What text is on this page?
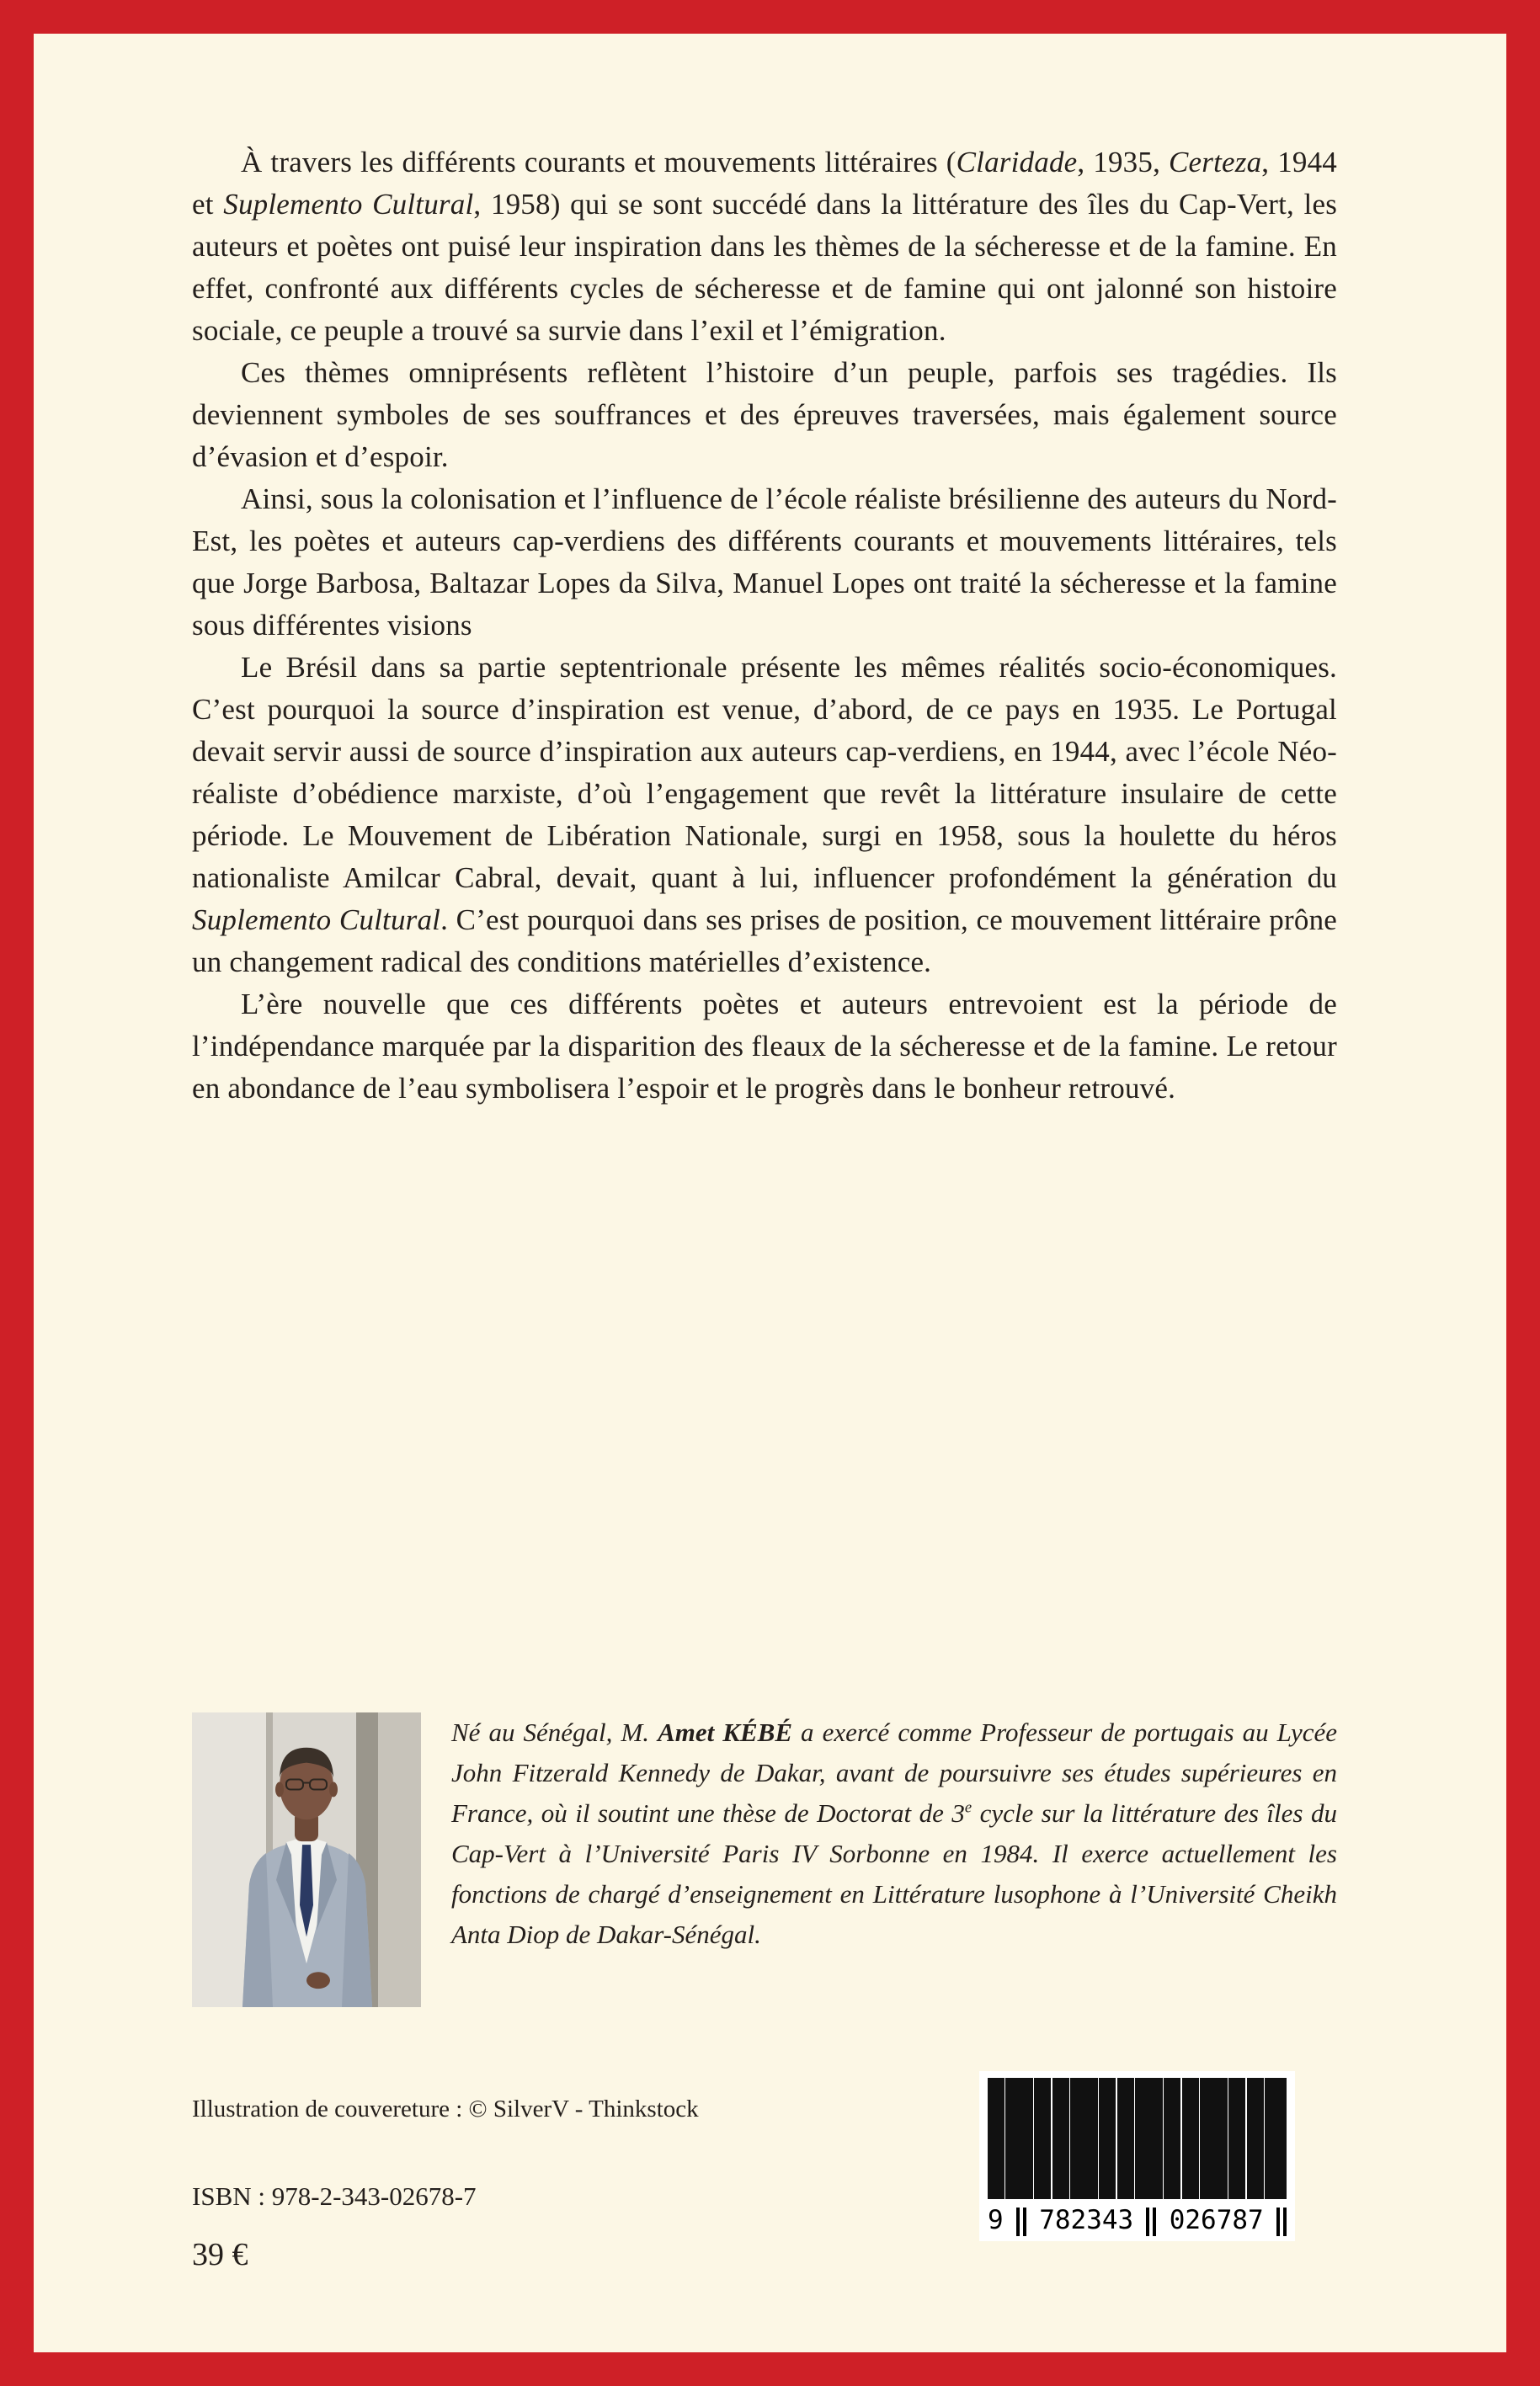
À travers les différents courants et mouvements littéraires (Claridade, 1935, Certeza, 1944 et Suplemento Cultural, 1958) qui se sont succédé dans la littérature des îles du Cap-Vert, les auteurs et poètes ont puisé leur inspiration dans les thèmes de la sécheresse et de la famine. En effet, confronté aux différents cycles de sécheresse et de famine qui ont jalonné son histoire sociale, ce peuple a trouvé sa survie dans l’exil et l’émigration.

Ces thèmes omniprésents reflètent l’histoire d’un peuple, parfois ses tragédies. Ils deviennent symboles de ses souffrances et des épreuves traversées, mais également source d’évasion et d’espoir.

Ainsi, sous la colonisation et l’influence de l’école réaliste brésilienne des auteurs du Nord-Est, les poètes et auteurs cap-verdiens des différents courants et mouvements littéraires, tels que Jorge Barbosa, Baltazar Lopes da Silva, Manuel Lopes ont traité la sécheresse et la famine sous différentes visions

Le Brésil dans sa partie septentrionale présente les mêmes réalités socio-économiques. C’est pourquoi la source d’inspiration est venue, d’abord, de ce pays en 1935. Le Portugal devait servir aussi de source d’inspiration aux auteurs cap-verdiens, en 1944, avec l’école Néo-réaliste d’obédience marxiste, d’où l’engagement que revêt la littérature insulaire de cette période. Le Mouvement de Libération Nationale, surgi en 1958, sous la houlette du héros nationaliste Amilcar Cabral, devait, quant à lui, influencer profondément la génération du Suplemento Cultural. C’est pourquoi dans ses prises de position, ce mouvement littéraire prône un changement radical des conditions matérielles d’existence.

L’ère nouvelle que ces différents poètes et auteurs entrevoient est la période de l’indépendance marquée par la disparition des fleaux de la sécheresse et de la famine. Le retour en abondance de l’eau symbolisera l’espoir et le progrès dans le bonheur retrouvé.

Né au Sénégal, M. Amet KÉBÉ a exercé comme Professeur de portugais au Lycée John Fitzerald Kennedy de Dakar, avant de poursuivre ses études supérieures en France, où il soutint une thèse de Doctorat de 3e cycle sur la littérature des îles du Cap-Vert à l’Université Paris IV Sorbonne en 1984. Il exerce actuellement les fonctions de chargé d’enseignement en Littérature lusophone à l’Université Cheikh Anta Diop de Dakar-Sénégal.

Illustration de couvereture : © SilverV - Thinkstock
ISBN : 978-2-343-02678-7
39 €
9 782343 026787
